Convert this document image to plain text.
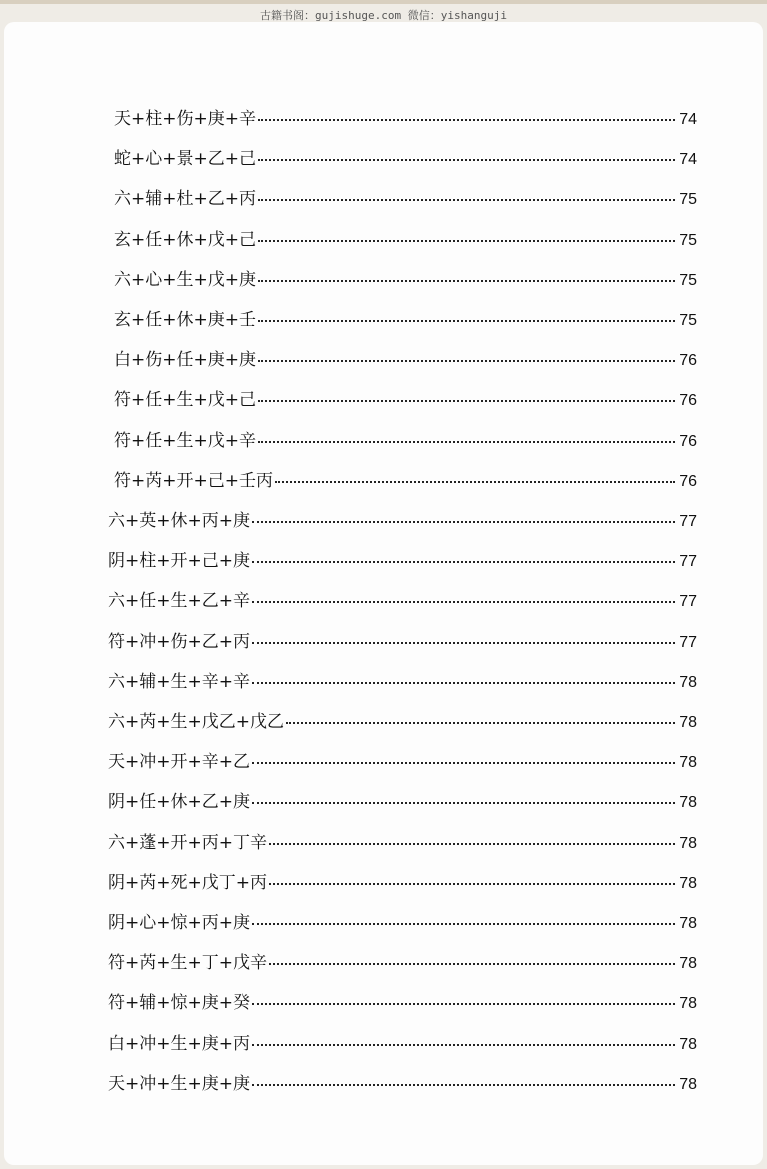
古籍书阁：gujishuge.com 微信：yishanguji
天+柱+伤+庚+辛	74
蛇+心+景+乙+己	74
六+辅+杜+乙+丙	75
玄+任+休+戊+己	75
六+心+生+戊+庚	75
玄+任+休+庚+壬	75
白+伤+任+庚+庚	76
符+任+生+戊+己	76
符+任+生+戊+辛	76
符+芮+开+己+壬丙	76
六+英+休+丙+庚	77
阴+柱+开+己+庚	77
六+任+生+乙+辛	77
符+冲+伤+乙+丙	77
六+辅+生+辛+辛	78
六+芮+生+戊乙+戊乙	78
天+冲+开+辛+乙	78
阴+任+休+乙+庚	78
六+蓬+开+丙+丁辛	78
阴+芮+死+戊丁+丙	78
阴+心+惊+丙+庚	78
符+芮+生+丁+戊辛	78
符+辅+惊+庚+癸	78
白+冲+生+庚+丙	78
天+冲+生+庚+庚	78
